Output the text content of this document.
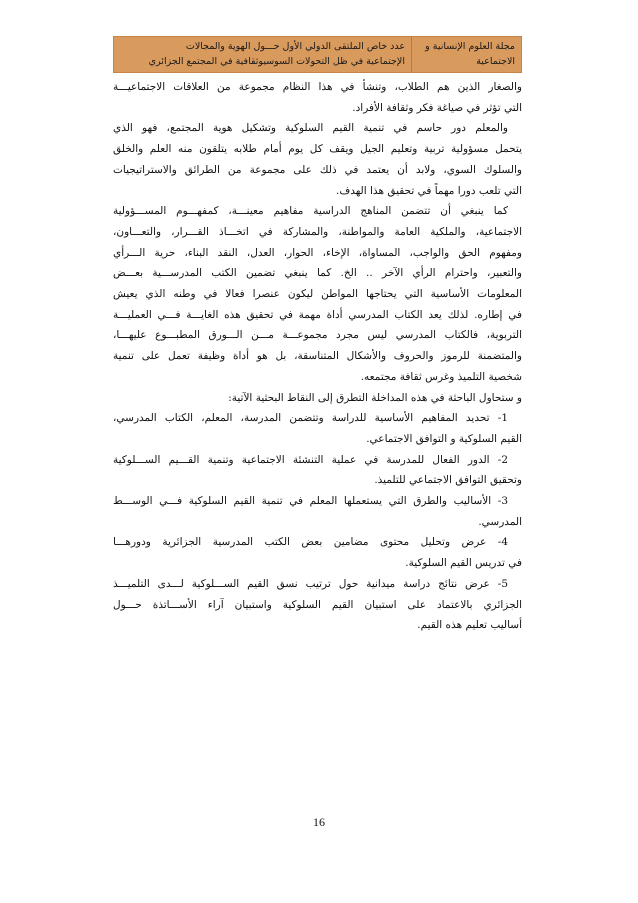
مجلة العلوم الإنسانية و
الاجتماعية
عدد خاص الملتقى الدولي الأول حـــول الهوية والمجالات
الإجتماعية في ظل التحولات السوسيوثقافية في المجتمع الجزائري
والصغار الذين هم الطلاب، وتنشأ في هذا النظام مجموعة من العلاقات الاجتماعيـــة
التي تؤثر في صياغة فكر وثقافة الأفراد.
والمعلم دور حاسم في تنمية القيم السلوكية وتشكيل هوية المجتمع، فهو الذي
يتحمل مسؤولية تربية وتعليم الجيل ويقف كل يوم أمام طلابه يتلقون منه العلم والخلق
والسلوك السوي، ولابد أن يعتمد في ذلك على مجموعة من الطرائق والاستراتيجيات
التي تلعب دورا مهماً في تحقيق هذا الهدف.
كما ينبغي أن تتضمن المناهج الدراسية مفاهيم معينـــة، كمفهـــوم المســـؤولية
الاجتماعية، والملكية العامة والمواطنة، والمشاركة في اتخـــاذ القـــرار، والتعـــاون،
ومفهوم الحق والواجب، المساواة، الإخاء، الحوار، العدل، النقد البناء، حرية الـــرأي
والتعبير، واحترام الرأي الآخر .. الخ. كما ينبغي تضمين الكتب المدرســـية بعـــض
المعلومات الأساسية التي يحتاجها المواطن ليكون عنصرا فعالا في وطنه الذي يعيش
في إطاره. لذلك يعد الكتاب المدرسي أداة مهمة في تحقيق هذه الغايـــة فـــي العمليـــة
التربوية، فالكتاب المدرسي ليس مجرد مجموعـــة مـــن الـــورق المطبـــوع عليهـــا،
والمتضمنة للرموز والحروف والأشكال المتناسقة، بل هو أداة وظيفة تعمل على تنمية
شخصية التلميذ وغرس ثقافة مجتمعه.
و ستحاول الباحثة في هذه المداخلة التطرق إلى النقاط البحثية الآتية:
1- تحديد المفاهيم الأساسية للدراسة وتتضمن المدرسة، المعلم، الكتاب المدرسي،
القيم السلوكية و التوافق الاجتماعي.
2- الدور الفعال للمدرسة في عملية التنشئة الاجتماعية وتنمية القـــيم الســـلوكية
وتحقيق التوافق الاجتماعي للتلميذ.
3- الأساليب والطرق التي يستعملها المعلم في تنمية القيم السلوكية فـــي الوســـط
المدرسي.
4- عرض وتحليل محتوى مضامين بعض الكتب المدرسية الجزائرية ودورهـــا
في تدريس القيم السلوكية.
5- عرض نتائج دراسة ميدانية حول ترتيب نسق القيم الســـلوكية لـــدى التلميـــذ
الجزائري بالاعتماد على استبيان القيم السلوكية واستبيان آراء الأســـاتذة حـــول
أساليب تعليم هذه القيم.
16
